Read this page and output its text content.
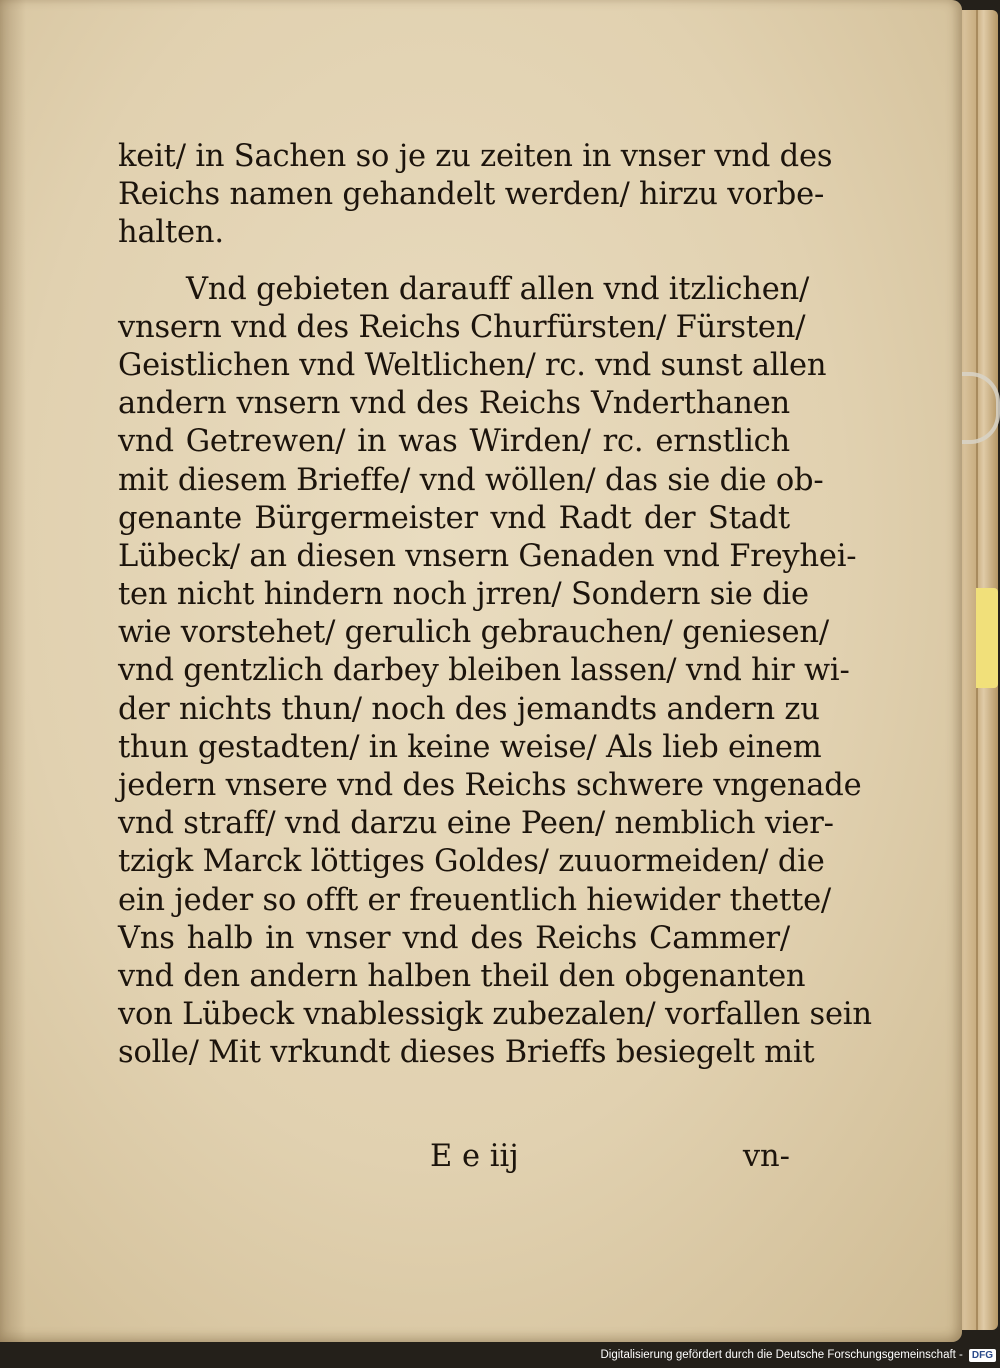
keit/ in Sachen so je zu zeiten in vnser vnd des
Reichs namen gehandelt werden/ hirzu vorbe-
halten.
Vnd gebieten darauff allen vnd itzlichen/
vnsern vnd des Reichs Churfürsten/ Fürsten/
Geistlichen vnd Weltlichen/ rc. vnd sunst allen
andern vnsern vnd des Reichs Vnderthanen
vnd Getrewen/ in was Wirden/ rc. ernstlich
mit diesem Brieffe/ vnd wöllen/ das sie die ob-
genante Bürgermeister vnd Radt der Stadt
Lübeck/ an diesen vnsern Genaden vnd Freyhei-
ten nicht hindern noch jrren/ Sondern sie die
wie vorstehet/ gerulich gebrauchen/ geniesen/
vnd gentzlich darbey bleiben lassen/ vnd hir wi-
der nichts thun/ noch des jemandts andern zu
thun gestadten/ in keine weise/ Als lieb einem
jedern vnsere vnd des Reichs schwere vngenade
vnd straff/ vnd darzu eine Peen/ nemblich vier-
tzigk Marck löttiges Goldes/ zuuormeiden/ die
ein jeder so offt er freuentlich hiewider thette/
Vns halb in vnser vnd des Reichs Cammer/
vnd den andern halben theil den obgenanten
von Lübeck vnablessigk zubezalen/ vorfallen sein
solle/ Mit vrkundt dieses Brieffs besiegelt mit
E e iij	vn-
Digitalisierung gefördert durch die Deutsche Forschungsgemeinschaft - DFG
